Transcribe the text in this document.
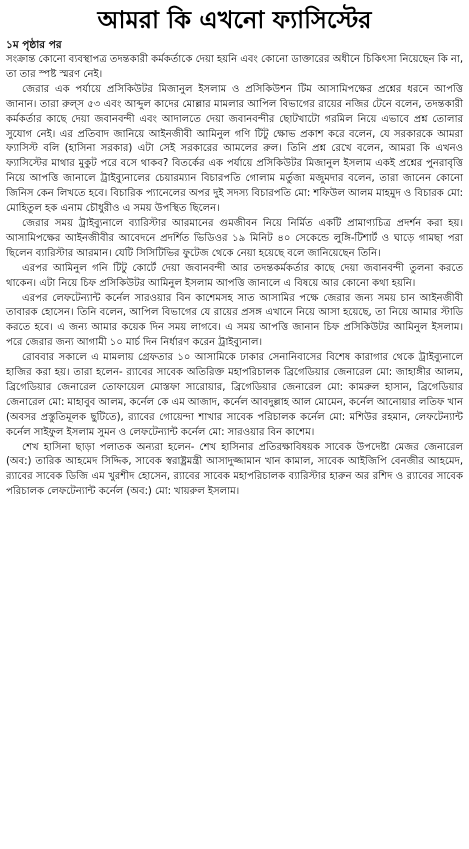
আমরা কি এখনো ফ্যাসিস্টের
১ম পৃষ্ঠার পর

সংক্রান্ত কোনো ব্যবস্থাপত্র তদন্তকারী কর্মকর্তাকে দেয়া হয়নি এবং কোনো ডাক্তারের অধীনে চিকিৎসা নিয়েছেন কি না, তা তার স্পষ্ট স্মরণ নেই।

জেরার এক পর্যায়ে প্রসিকিউটর মিজানুল ইসলাম ও প্রসিকিউশন টিম আসামিপক্ষের প্রশ্নের ধরনে আপত্তি জানান। তারা রুল্স ৫৩ এবং আব্দুল কাদের মোল্লার মামলার আপিল বিভাগের রায়ের নজির টেনে বলেন, তদন্তকারী কর্মকর্তার কাছে দেয়া জবানবন্দী এবং আদালতে দেয়া জবানবন্দীর ছোটখাটো গরমিল নিয়ে এভাবে প্রশ্ন তোলার সুযোগ নেই। এর প্রতিবাদ জানিয়ে আইনজীবী আমিনুল গণি টিটু ক্ষোভ প্রকাশ করে বলেন, যে সরকারকে আমরা ফ্যাসিস্ট বলি (হাসিনা সরকার) এটা সেই সরকারের আমলের রুল। তিনি প্রশ্ন রেখে বলেন, আমরা কি এখনও ফ্যাসিস্টের মাথার মুকুট পরে বসে থাকব? বিতর্কের এক পর্যায়ে প্রসিকিউটর মিজানুল ইসলাম একই প্রশ্নের পুনরাবৃত্তি নিয়ে আপত্তি জানালে ট্রাইব্যুনালের চেয়ারম্যান বিচারপতি গোলাম মর্তুজা মজুমদার বলেন, তারা জানেন কোনো জিনিস কেন লিখতে হবে। বিচারিক প্যানেলের অপর দুই সদস্য বিচারপতি মো: শফিউল আলম মাহমুদ ও বিচারক মো: মোহিতুল হক এনাম চৌধুরীও এ সময় উপস্থিত ছিলেন।

জেরার সময় ট্রাইব্যুনালে ব্যারিস্টার আরমানের গুমজীবন নিয়ে নির্মিত একটি প্রামাণ্যচিত্র প্রদর্শন করা হয়। আসামিপক্ষের আইনজীবীর আবেদনে প্রদর্শিত ভিডিওর ১৯ মিনিট ৪০ সেকেন্ডে লুঙ্গি-টিশার্ট ও ঘাড়ে গামছা পরা ছিলেন ব্যারিস্টার আরমান। যেটি সিসিটিভির ফুটেজ থেকে নেয়া হয়েছে বলে জানিয়েছেন তিনি।

এরপর আমিনুল গনি টিটু কোর্টে দেয়া জবানবন্দী আর তদন্তকর্মকর্তার কাছে দেয়া জবানবন্দী তুলনা করতে থাকেন। এটা নিয়ে চিফ প্রসিকিউটর আমিনুল ইসলাম আপত্তি জানালে এ বিষয়ে আর কোনো কথা হয়নি।

এরপর লেফটেন্যান্ট কর্নেল সারওয়ার বিন কাশেমসহ সাত আসামির পক্ষে জেরার জন্য সময় চান আইনজীবী তাবারক হোসেন। তিনি বলেন, আপিল বিভাগের যে রায়ের প্রসঙ্গ এখানে নিয়ে আসা হয়েছে, তা নিয়ে আমার স্টাডি করতে হবে। এ জন্য আমার কয়েক দিন সময় লাগবে। এ সময় আপত্তি জানান চিফ প্রসিকিউটর আমিনুল ইসলাম। পরে জেরার জন্য আগামী ১০ মার্চ দিন নির্ধারণ করেন ট্রাইব্যুনাল।

রোববার সকালে এ মামলায় গ্রেফতার ১০ আসামিকে ঢাকার সেনানিবাসের বিশেষ কারাগার থেকে ট্রাইব্যুনালে হাজির করা হয়। তারা হলেন- র‌্যাবের সাবেক অতিরিক্ত মহাপরিচালক ব্রিগেডিয়ার জেনারেল মো: জাহাঙ্গীর আলম, ব্রিগেডিয়ার জেনারেল তোফায়েল মোস্তফা সারোয়ার, ব্রিগেডিয়ার জেনারেল মো: কামরুল হাসান, ব্রিগেডিয়ার জেনারেল মো: মাহাবুব আলম, কর্নেল কে এম আজাদ, কর্নেল আবদুল্লাহ আল মোমেন, কর্নেল আনোয়ার লতিফ খান (অবসর প্রস্তুতিমূলক ছুটিতে), র‌্যাবের গোয়েন্দা শাখার সাবেক পরিচালক কর্নেল মো: মশিউর রহমান, লেফটেন্যান্ট কর্নেল সাইফুল ইসলাম সুমন ও লেফটেন্যান্ট কর্নেল মো: সারওয়ার বিন কাশেম।

শেখ হাসিনা ছাড়া পলাতক অন্যরা হলেন- শেখ হাসিনার প্রতিরক্ষাবিষয়ক সাবেক উপদেষ্টা মেজর জেনারেল (অব:) তারিক আহমেদ সিদ্দিক, সাবেক স্বরাষ্ট্রমন্ত্রী আসাদুজ্জামান খান কামাল, সাবেক আইজিপি বেনজীর আহমেদ, র‌্যাবের সাবেক ডিজি এম খুরশীদ হোসেন, র‌্যাবের সাবেক মহাপরিচালক ব্যারিস্টার হারুন অর রশিদ ও র‌্যাবের সাবেক পরিচালক লেফটেন্যান্ট কর্নেল (অব:) মো: খায়রুল ইসলাম।
